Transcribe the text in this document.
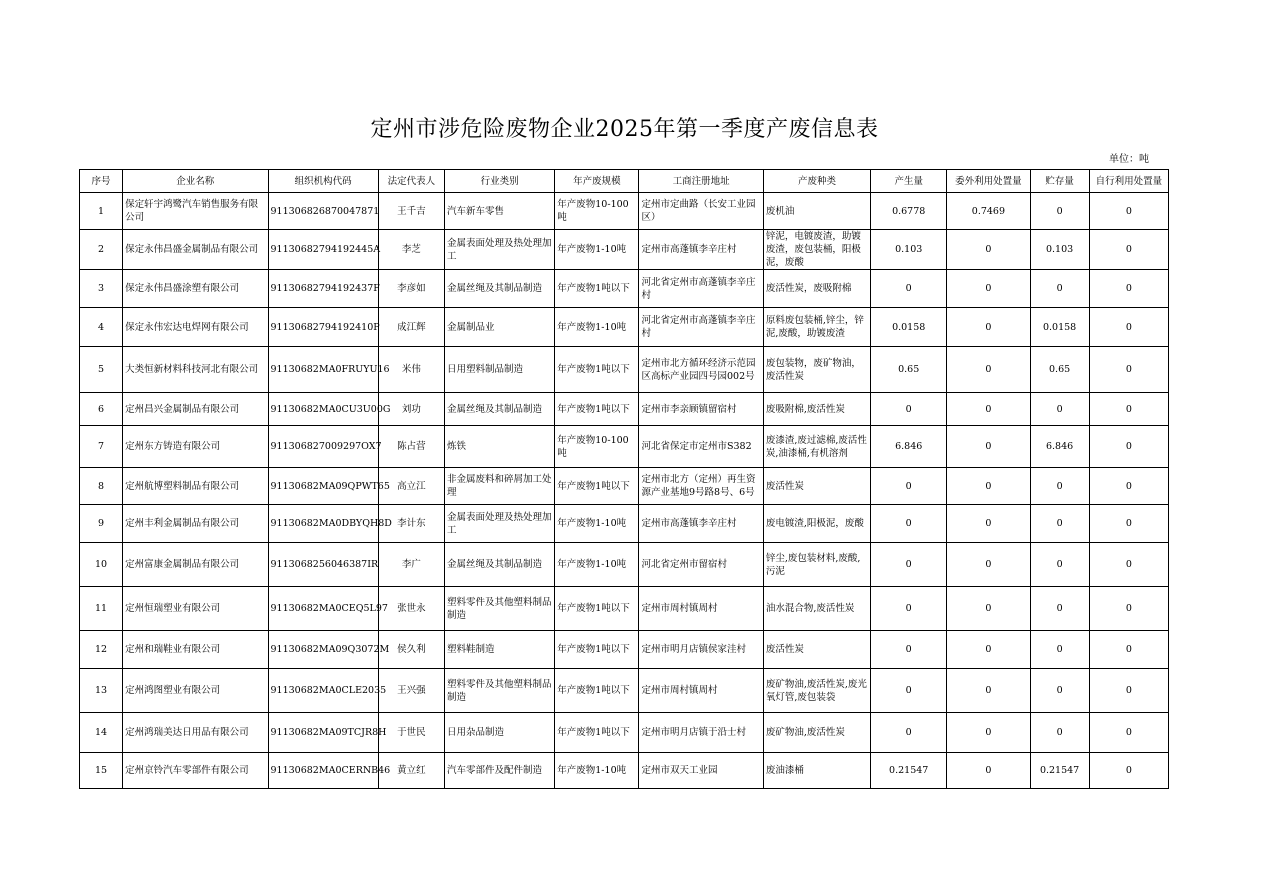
定州市涉危险废物企业2025年第一季度产废信息表
单位：吨
序号	企业名称	组织机构代码	法定代表人	行业类别	年产废规模	工商注册地址	产废种类	产生量	委外利用处置量	贮存量	自行利用处置量
1	保定轩宇鸿鹭汽车销售服务有限公司	911306826870047871	王千吉	汽车新车零售	年产废物10-100吨	定州市定曲路（长安工业园区）	废机油	0.6778	0.7469	0	0
2	保定永伟昌盛金属制品有限公司	91130682794192445A	李芝	金属表面处理及热处理加工	年产废物1-10吨	定州市高蓬镇李辛庄村	锌泥，电镀废渣，助镀废渣，废包装桶，阳极泥，废酸	0.103	0	0.103	0
3	保定永伟昌盛涂塑有限公司	91130682794192437F	李彦如	金属丝绳及其制品制造	年产废物1吨以下	河北省定州市高蓬镇李辛庄村	废活性炭，废吸附棉	0	0	0	0
4	保定永伟宏达电焊网有限公司	91130682794192410P	成江辉	金属制品业	年产废物1-10吨	河北省定州市高蓬镇李辛庄村	原料废包装桶,锌尘，锌泥,废酸，助镀废渣	0.0158	0	0.0158	0
5	大类恒新材料科技河北有限公司	91130682MA0FRUYU16	米伟	日用塑料制品制造	年产废物1吨以下	定州市北方循环经济示范园区高标产业园四号园002号	废包装物，废矿物油，废活性炭	0.65	0	0.65	0
6	定州昌兴金属制品有限公司	91130682MA0CU3U00G	刘功	金属丝绳及其制品制造	年产废物1吨以下	定州市李亲顾镇留宿村	废吸附棉,废活性炭	0	0	0	0
7	定州东方铸造有限公司	911306827009297OX7	陈占营	炼铁	年产废物10-100吨	河北省保定市定州市S382	废漆渣,废过滤棉,废活性炭,油漆桶,有机溶剂	6.846	0	6.846	0
8	定州航博塑料制品有限公司	91130682MA09QPWT65	高立江	非金属废料和碎屑加工处理	年产废物1吨以下	定州市北方（定州）再生资源产业基地9号路8号、6号	废活性炭	0	0	0	0
9	定州丰利金属制品有限公司	91130682MA0DBYQH8D	李计东	金属表面处理及热处理加工	年产废物1-10吨	定州市高蓬镇李辛庄村	废电镀渣,阳极泥，废酸	0	0	0	0
10	定州富康金属制品有限公司	9113068256046387IR	李广	金属丝绳及其制品制造	年产废物1-10吨	河北省定州市留宿村	锌尘,废包装材料,废酸,污泥	0	0	0	0
11	定州恒瑞塑业有限公司	91130682MA0CEQ5L97	张世永	塑料零件及其他塑料制品制造	年产废物1吨以下	定州市周村镇周村	油水混合物,废活性炭	0	0	0	0
12	定州和瑞鞋业有限公司	91130682MA09Q3072M	侯久利	塑料鞋制造	年产废物1吨以下	定州市明月店镇侯家洼村	废活性炭	0	0	0	0
13	定州鸿图塑业有限公司	91130682MA0CLE2035	王兴强	塑料零件及其他塑料制品制造	年产废物1吨以下	定州市周村镇周村	废矿物油,废活性炭,废光氧灯管,废包装袋	0	0	0	0
14	定州鸿瑞美达日用品有限公司	91130682MA09TCJR8H	于世民	日用杂品制造	年产废物1吨以下	定州市明月店镇于沿士村	废矿物油,废活性炭	0	0	0	0
15	定州京铃汽车零部件有限公司	91130682MA0CERNB46	黄立红	汽车零部件及配件制造	年产废物1-10吨	定州市双天工业园	废油漆桶	0.21547	0	0.21547	0
